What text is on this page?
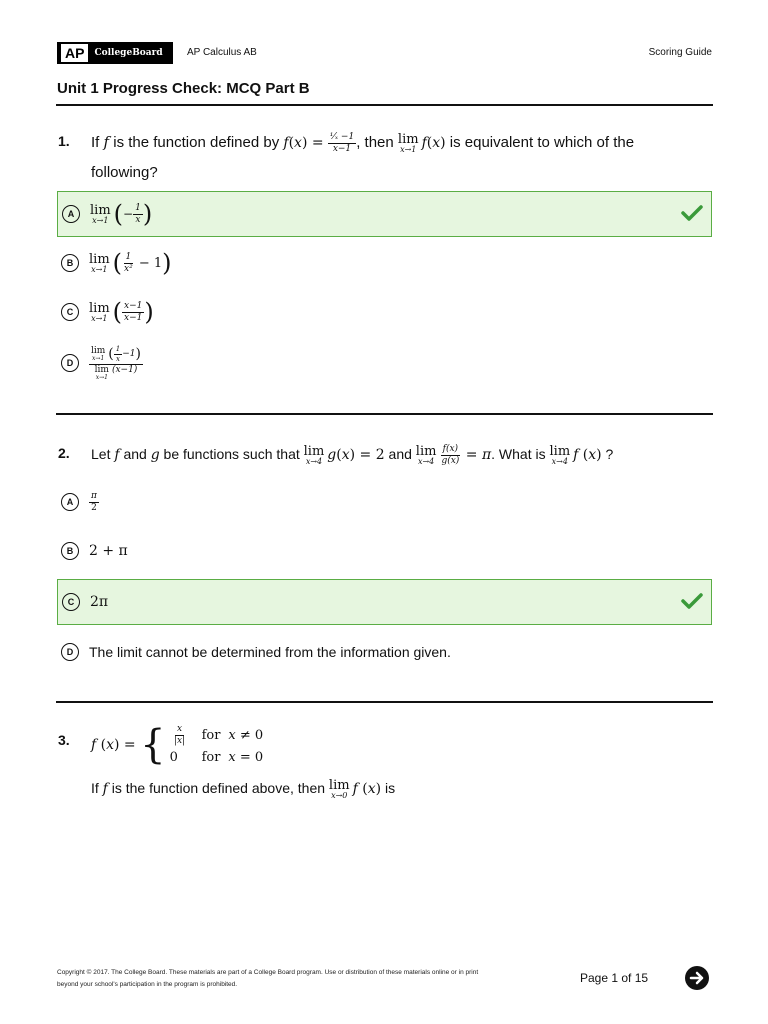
AP	CollegeBoard AP Calculus AB	Scoring Guide
Unit 1 Progress Check: MCQ Part B
1. If f is the function defined by $f(x) = \frac{\text{¹⁄ₓ −1}}{x-1}$ , then lim
x→1 f(x) is equivalent to which of the
following?
A	lim
x→1 ( − $\frac{1}{x}$ )
B	lim
x→1 ( $\frac{1}{\text{x²}} - 1$ )
C	lim
x→1 ( $\frac{x-1}{x-1}$ )
D	lim
x→1 ( $\frac{1}{x} -1$ )
lim
x→1
(x−1)
2. Let f and g be functions such that lim
x→4 g(x) = 2 and lim
$x\to 4 \frac{f(x)}{g(x)} = \pi$. What is lim
x→4 f (x) ?
A	$\frac{\pi}{2}$
B	2 + π
C	2π
D	The limit cannot be determined from the information given.
3. f ( x ) = { $\frac{x}{|x|}$ for x ≠ 0
0	for x = 0
If f is the function defined above, then lim
x→0 f (x) is
Copyright © 2017. The College Board. These materials are part of a College Board program. Use or distribution of these materials online or in print beyond your school's participation in the program is prohibited.	Page 1 of 15
